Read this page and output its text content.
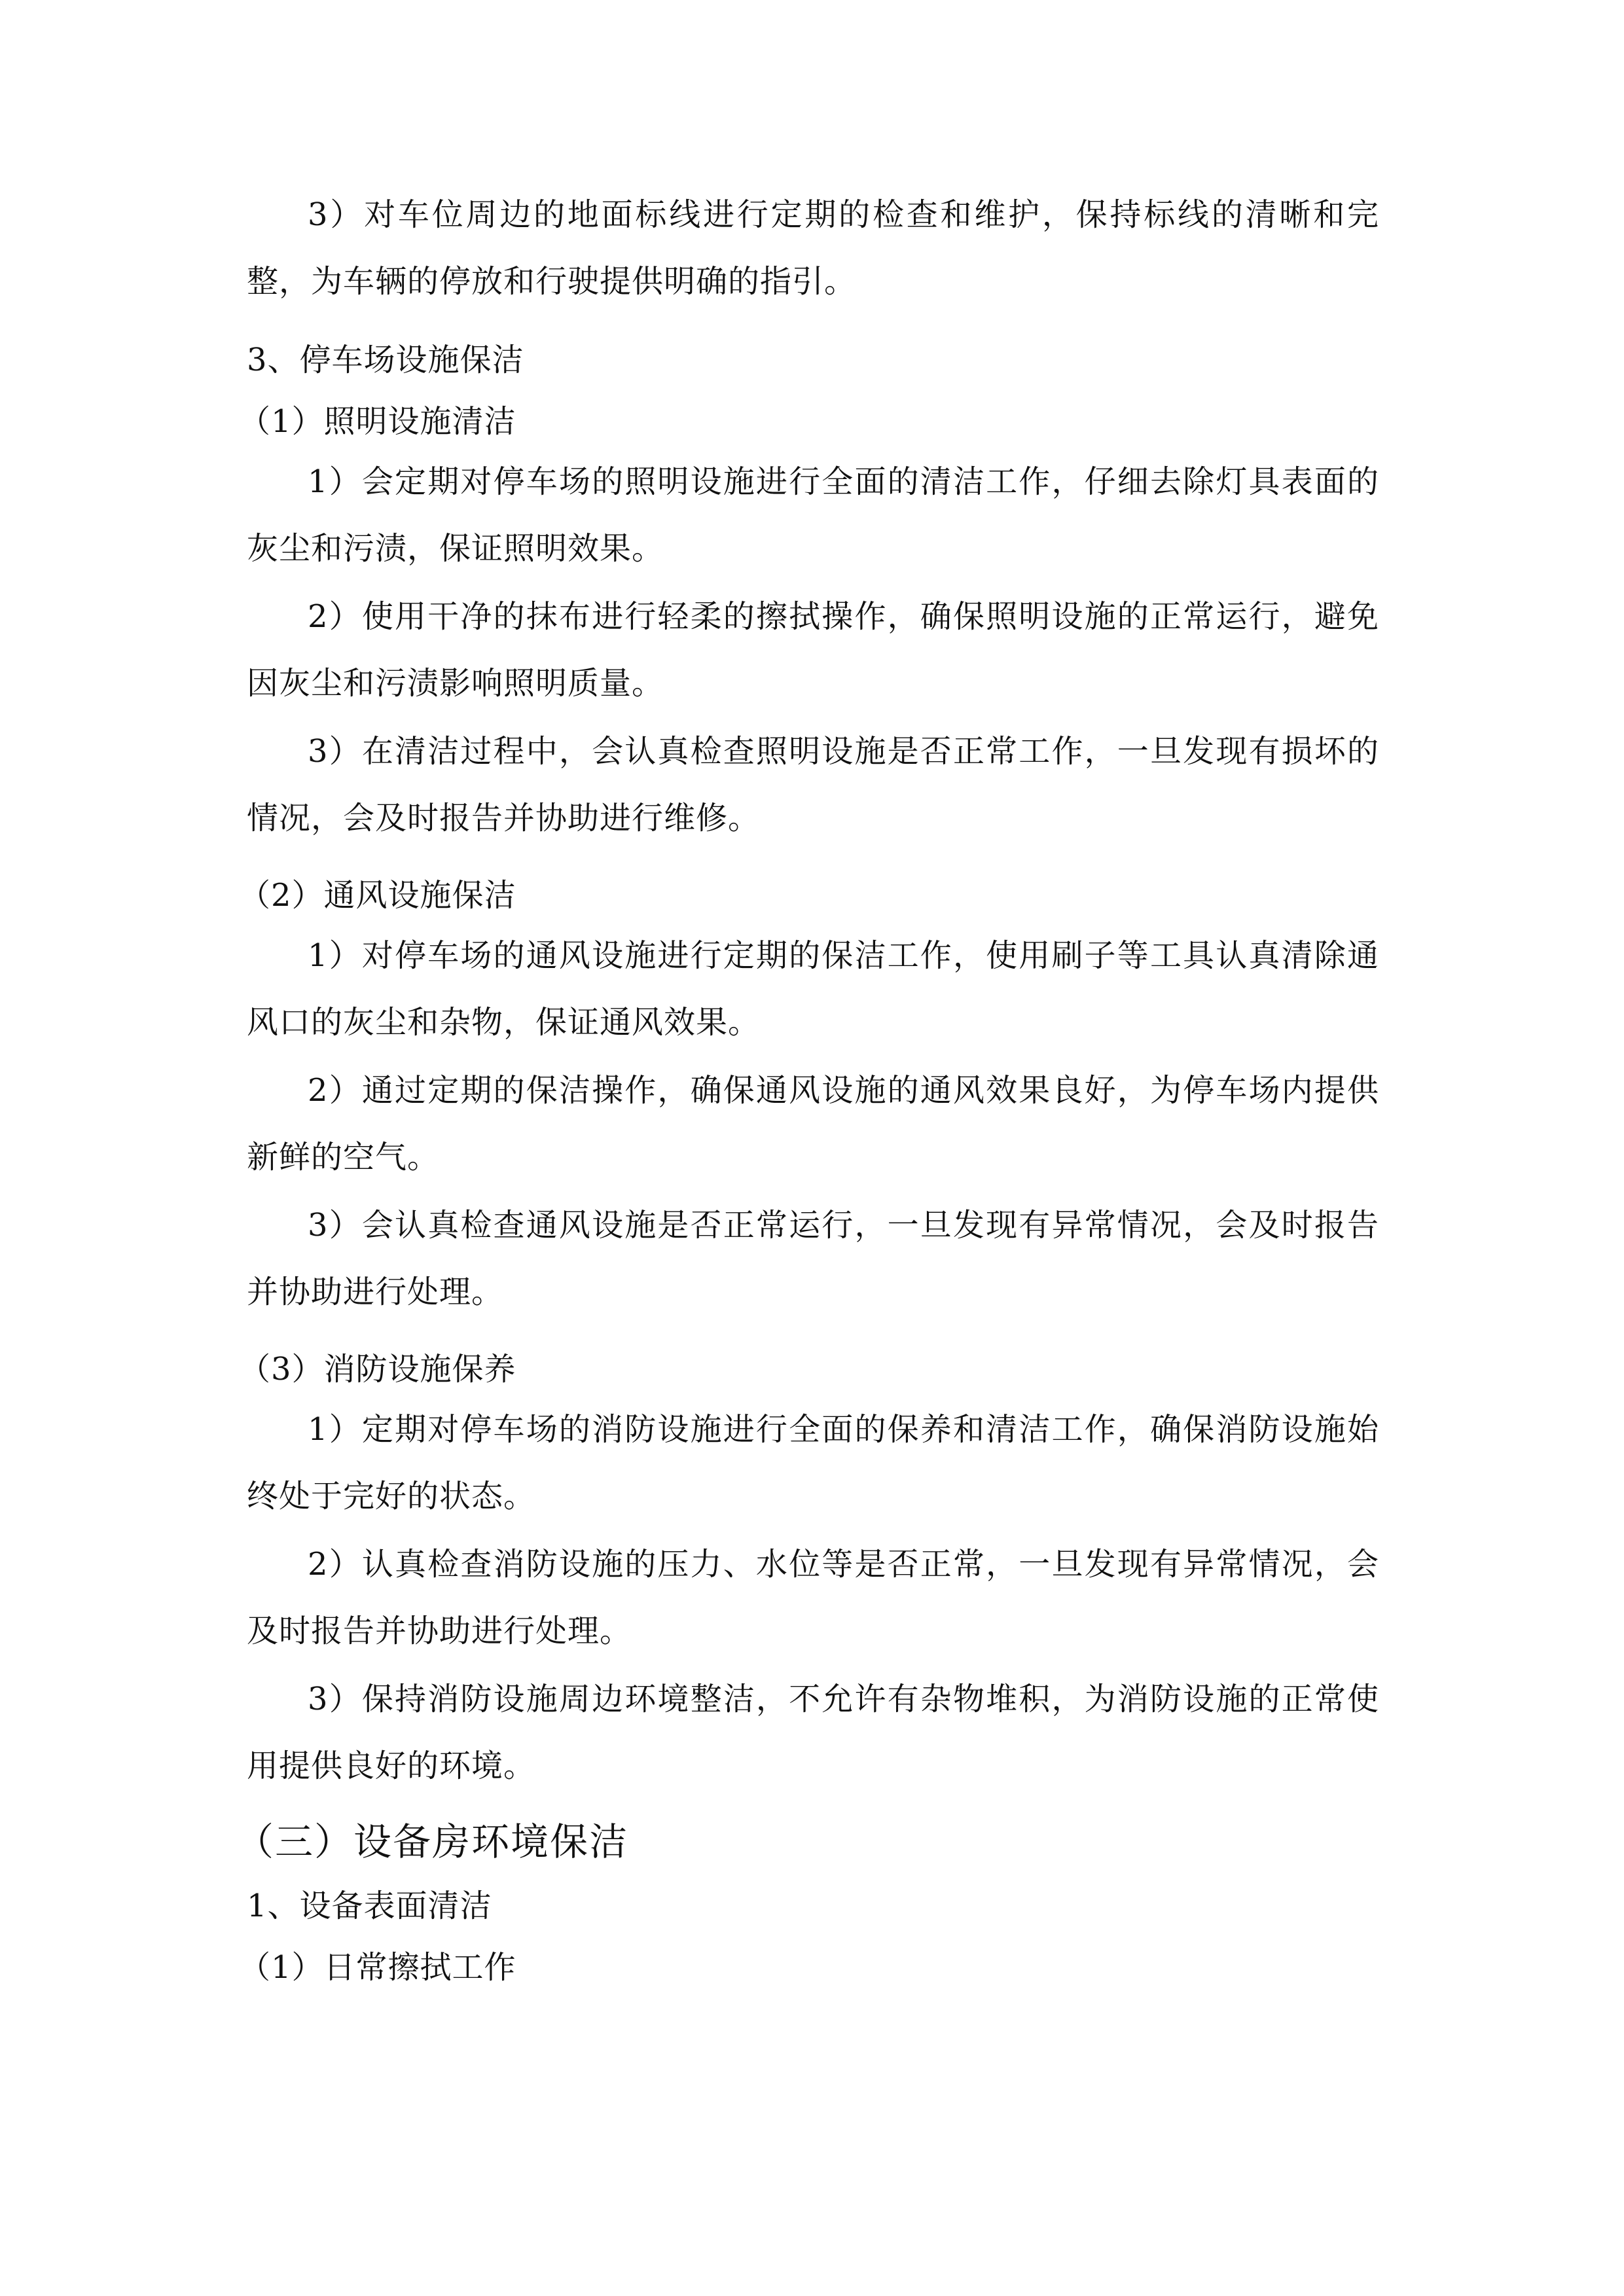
3）对车位周边的地面标线进行定期的检查和维护，保持标线的清晰和完
整，为车辆的停放和行驶提供明确的指引。
3、停车场设施保洁
（1）照明设施清洁
1）会定期对停车场的照明设施进行全面的清洁工作，仔细去除灯具表面的
灰尘和污渍，保证照明效果。
2）使用干净的抹布进行轻柔的擦拭操作，确保照明设施的正常运行，避免
因灰尘和污渍影响照明质量。
3）在清洁过程中，会认真检查照明设施是否正常工作，一旦发现有损坏的
情况，会及时报告并协助进行维修。
（2）通风设施保洁
1）对停车场的通风设施进行定期的保洁工作，使用刷子等工具认真清除通
风口的灰尘和杂物，保证通风效果。
2）通过定期的保洁操作，确保通风设施的通风效果良好，为停车场内提供
新鲜的空气。
3）会认真检查通风设施是否正常运行，一旦发现有异常情况，会及时报告
并协助进行处理。
（3）消防设施保养
1）定期对停车场的消防设施进行全面的保养和清洁工作，确保消防设施始
终处于完好的状态。
2）认真检查消防设施的压力、水位等是否正常，一旦发现有异常情况，会
及时报告并协助进行处理。
3）保持消防设施周边环境整洁，不允许有杂物堆积，为消防设施的正常使
用提供良好的环境。
（三）设备房环境保洁
1、设备表面清洁
（1）日常擦拭工作
